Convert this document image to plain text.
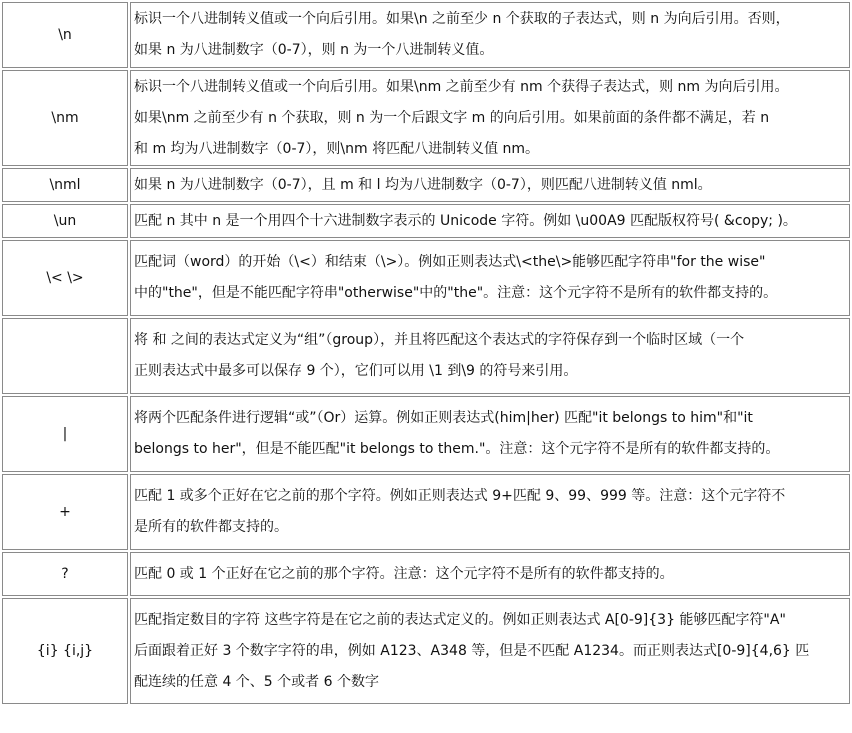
\n	标识一个八进制转义值或一个向后引用。如果\n 之前至少 n 个获取的子表达式，则 n 为向后引用。否则，
如果 n 为八进制数字（0-7），则 n 为一个八进制转义值。
\nm	标识一个八进制转义值或一个向后引用。如果\nm 之前至少有 nm 个获得子表达式，则 nm 为向后引用。
如果\nm 之前至少有 n 个获取，则 n 为一个后跟文字 m 的向后引用。如果前面的条件都不满足，若 n
和 m 均为八进制数字（0-7），则\nm 将匹配八进制转义值 nm。
\nml	如果 n 为八进制数字（0-7），且 m 和 l 均为八进制数字（0-7），则匹配八进制转义值 nml。
\un	匹配 n 其中 n 是一个用四个十六进制数字表示的 Unicode 字符。例如 \u00A9 匹配版权符号( &copy; )。
\< \>	匹配词（word）的开始（\<）和结束（\>）。例如正则表达式\<the\>能够匹配字符串"for the wise"
中的"the"，但是不能匹配字符串"otherwise"中的"the"。注意：这个元字符不是所有的软件都支持的。
	将 和 之间的表达式定义为“组”（group），并且将匹配这个表达式的字符保存到一个临时区域（一个
正则表达式中最多可以保存 9 个），它们可以用 \1 到\9 的符号来引用。
|	将两个匹配条件进行逻辑“或”（Or）运算。例如正则表达式(him|her) 匹配"it belongs to him"和"it
belongs to her"，但是不能匹配"it belongs to them."。注意：这个元字符不是所有的软件都支持的。
+	匹配 1 或多个正好在它之前的那个字符。例如正则表达式 9+匹配 9、99、999 等。注意：这个元字符不
是所有的软件都支持的。
?	匹配 0 或 1 个正好在它之前的那个字符。注意：这个元字符不是所有的软件都支持的。
{i} {i,j}	匹配指定数目的字符 这些字符是在它之前的表达式定义的。例如正则表达式 A[0-9]{3} 能够匹配字符"A"
后面跟着正好 3 个数字字符的串，例如 A123、A348 等，但是不匹配 A1234。而正则表达式[0-9]{4,6} 匹
配连续的任意 4 个、5 个或者 6 个数字
